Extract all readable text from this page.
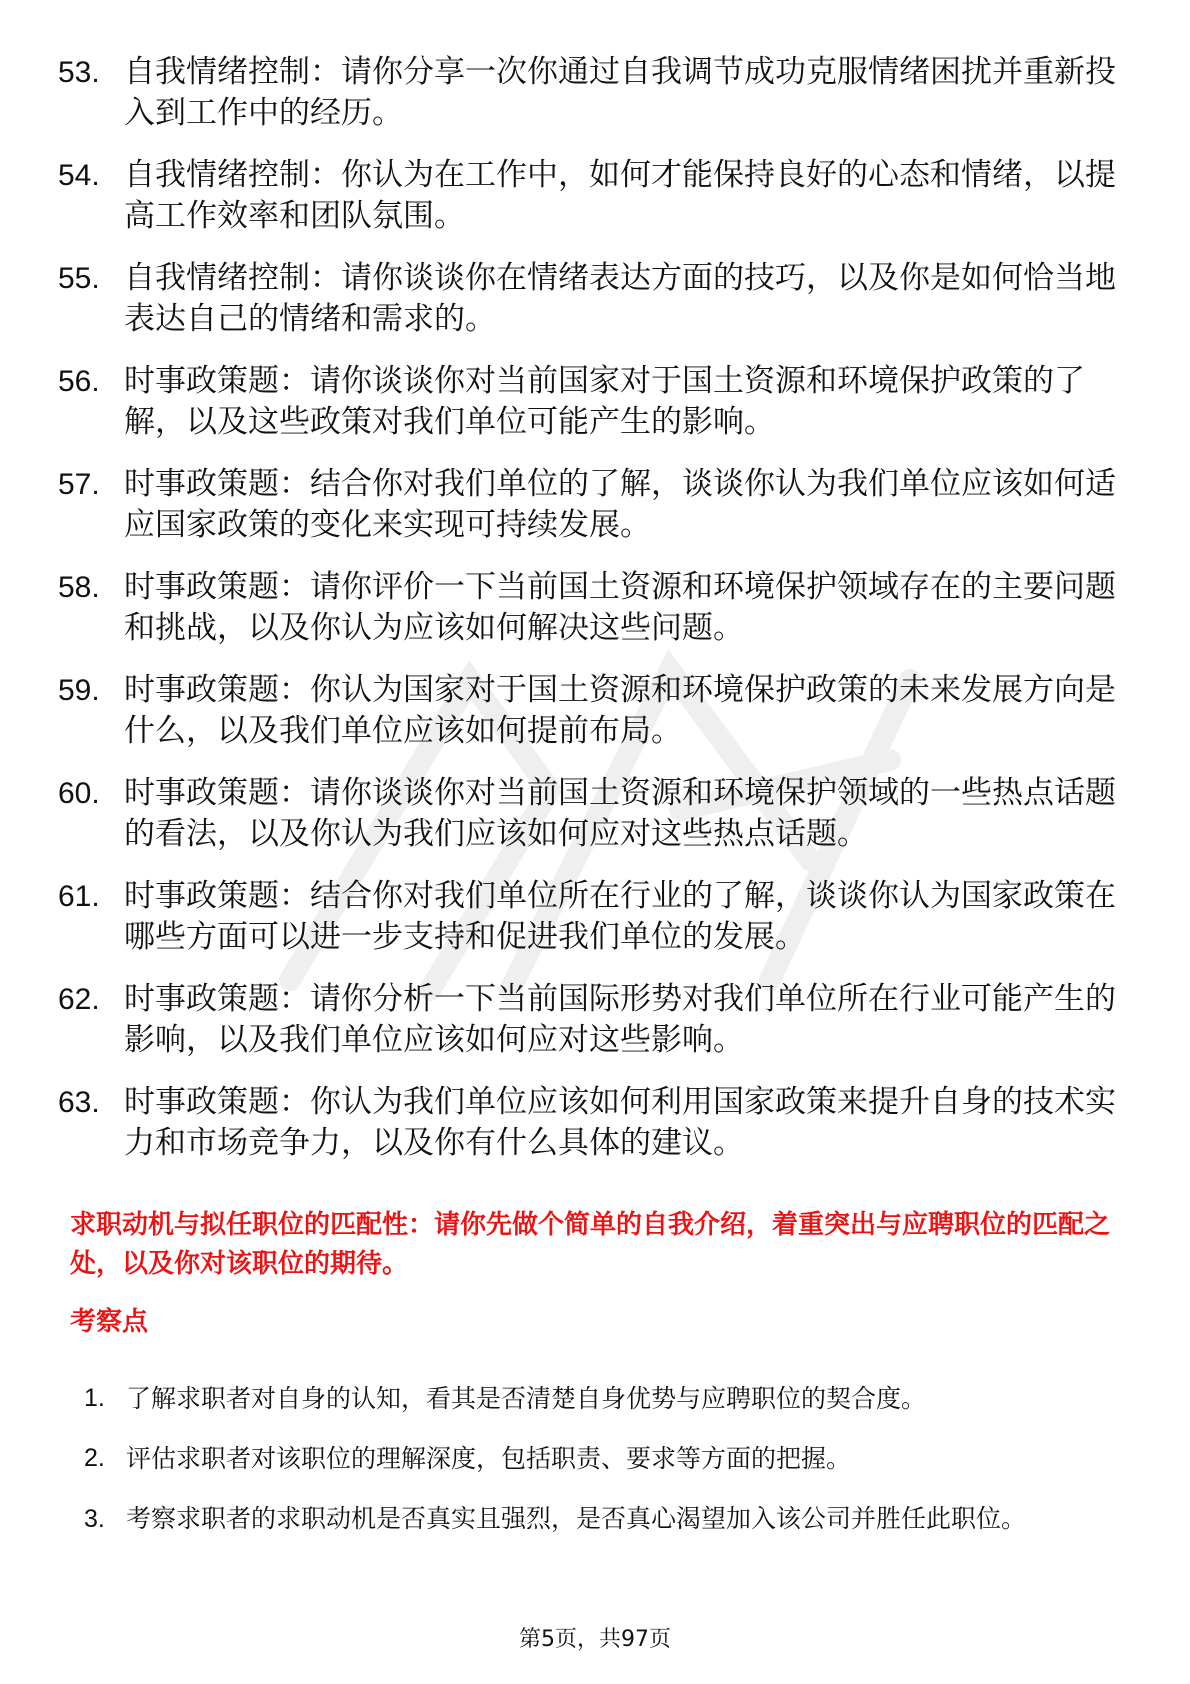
53. 自我情绪控制：请你分享一次你通过自我调节成功克服情绪困扰并重新投入到工作中的经历。
54. 自我情绪控制：你认为在工作中，如何才能保持良好的心态和情绪，以提高工作效率和团队氛围。
55. 自我情绪控制：请你谈谈你在情绪表达方面的技巧，以及你是如何恰当地表达自己的情绪和需求的。
56. 时事政策题：请你谈谈你对当前国家对于国土资源和环境保护政策的了解，以及这些政策对我们单位可能产生的影响。
57. 时事政策题：结合你对我们单位的了解，谈谈你认为我们单位应该如何适应国家政策的变化来实现可持续发展。
58. 时事政策题：请你评价一下当前国土资源和环境保护领域存在的主要问题和挑战，以及你认为应该如何解决这些问题。
59. 时事政策题：你认为国家对于国土资源和环境保护政策的未来发展方向是什么，以及我们单位应该如何提前布局。
60. 时事政策题：请你谈谈你对当前国土资源和环境保护领域的一些热点话题的看法，以及你认为我们应该如何应对这些热点话题。
61. 时事政策题：结合你对我们单位所在行业的了解，谈谈你认为国家政策在哪些方面可以进一步支持和促进我们单位的发展。
62. 时事政策题：请你分析一下当前国际形势对我们单位所在行业可能产生的影响，以及我们单位应该如何应对这些影响。
63. 时事政策题：你认为我们单位应该如何利用国家政策来提升自身的技术实力和市场竞争力，以及你有什么具体的建议。

求职动机与拟任职位的匹配性：请你先做个简单的自我介绍，着重突出与应聘职位的匹配之处，以及你对该职位的期待。

考察点

1. 了解求职者对自身的认知，看其是否清楚自身优势与应聘职位的契合度。
2. 评估求职者对该职位的理解深度，包括职责、要求等方面的把握。
3. 考察求职者的求职动机是否真实且强烈，是否真心渴望加入该公司并胜任此职位。
第5页，共97页
